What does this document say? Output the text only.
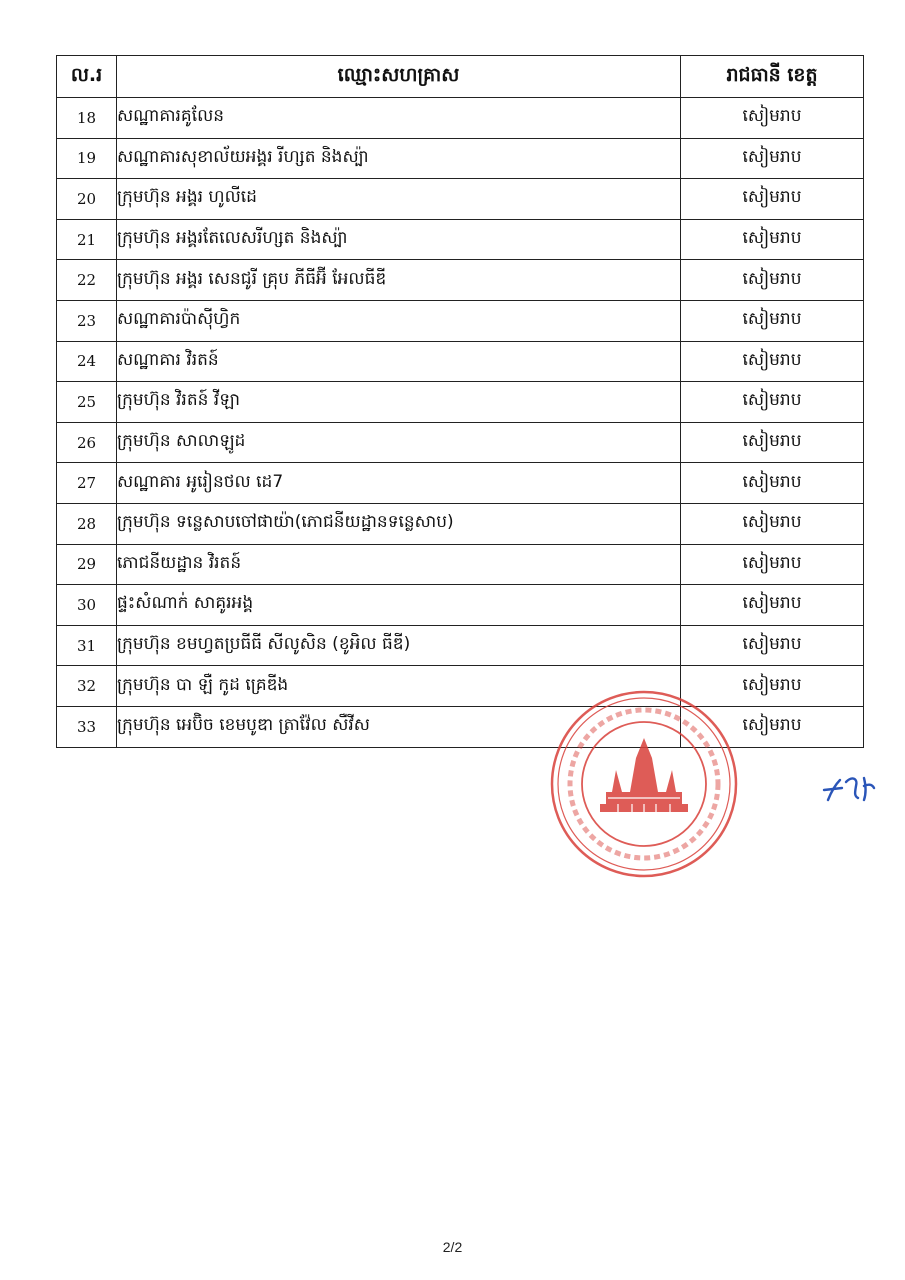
ល.រ	ឈ្មោះសហគ្រាស	រាជធានី ខេត្ត
18	សណ្ឋាគារគូលែន	សៀមរាប
19	សណ្ឋាគារសុខាល័យអង្គរ រីហ្សត និងស្ប៉ា	សៀមរាប
20	ក្រុមហ៊ុន អង្គរ ហូលីដេ	សៀមរាប
21	ក្រុមហ៊ុន អង្គរតែលេសរីហ្សត និងស្ប៉ា	សៀមរាប
22	ក្រុមហ៊ុន អង្គរ សេនជូរី គ្រុប ភីធីអ៊ី អែលធីឌី	សៀមរាប
23	សណ្ឋាគារប៉ាស៊ីហ្វិក	សៀមរាប
24	សណ្ឋាគារ វិរតន៍	សៀមរាប
25	ក្រុមហ៊ុន វិរតន៍ វីឡា	សៀមរាប
26	ក្រុមហ៊ុន សាលាឡូដ	សៀមរាប
27	សណ្ឋាគារ អូរៀនថល ដេ7	សៀមរាប
28	ក្រុមហ៊ុន ទន្លេសាបចៅផាយ៉ា(ភោជនីយដ្ឋានទន្លេសាប)	សៀមរាប
29	ភោជនីយដ្ឋាន វិរតន៍	សៀមរាប
30	ផ្ទះសំណាក់ សាគូរអង្គ	សៀមរាប
31	ក្រុមហ៊ុន ខមហ្វតប្រធីធី សីលូសិន (ខូអិល ធីឌី)	សៀមរាប
32	ក្រុមហ៊ុន បា ឡឺ កូដ គ្រេឌីង	សៀមរាប
33	ក្រុមហ៊ុន អេប៊ិច ខេមបូឌា ត្រាវ៉ែល សឺវីស	សៀមរាប
2/2
